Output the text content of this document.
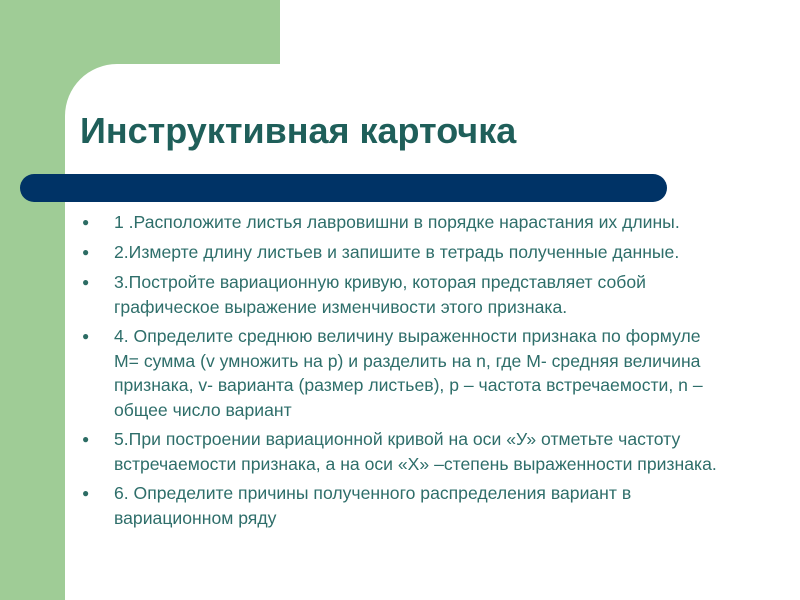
Инструктивная карточка
●	1 .Расположите листья лавровишни в порядке нарастания их длины.
●	2.Измерте длину листьев и запишите в тетрадь полученные данные.
●	3.Постройте вариационную кривую, которая представляет собой графическое выражение изменчивости этого признака.
●	4. Определите среднюю величину выраженности признака по формуле М= сумма (v умножить на р) и разделить на n, где М- средняя величина признака, v- варианта (размер листьев), р – частота встречаемости, n – общее число вариант
●	5.При построении вариационной кривой на оси «У» отметьте частоту встречаемости признака, а на оси «Х» –степень выраженности признака.
●	6. Определите причины полученного распределения вариант в вариационном ряду
